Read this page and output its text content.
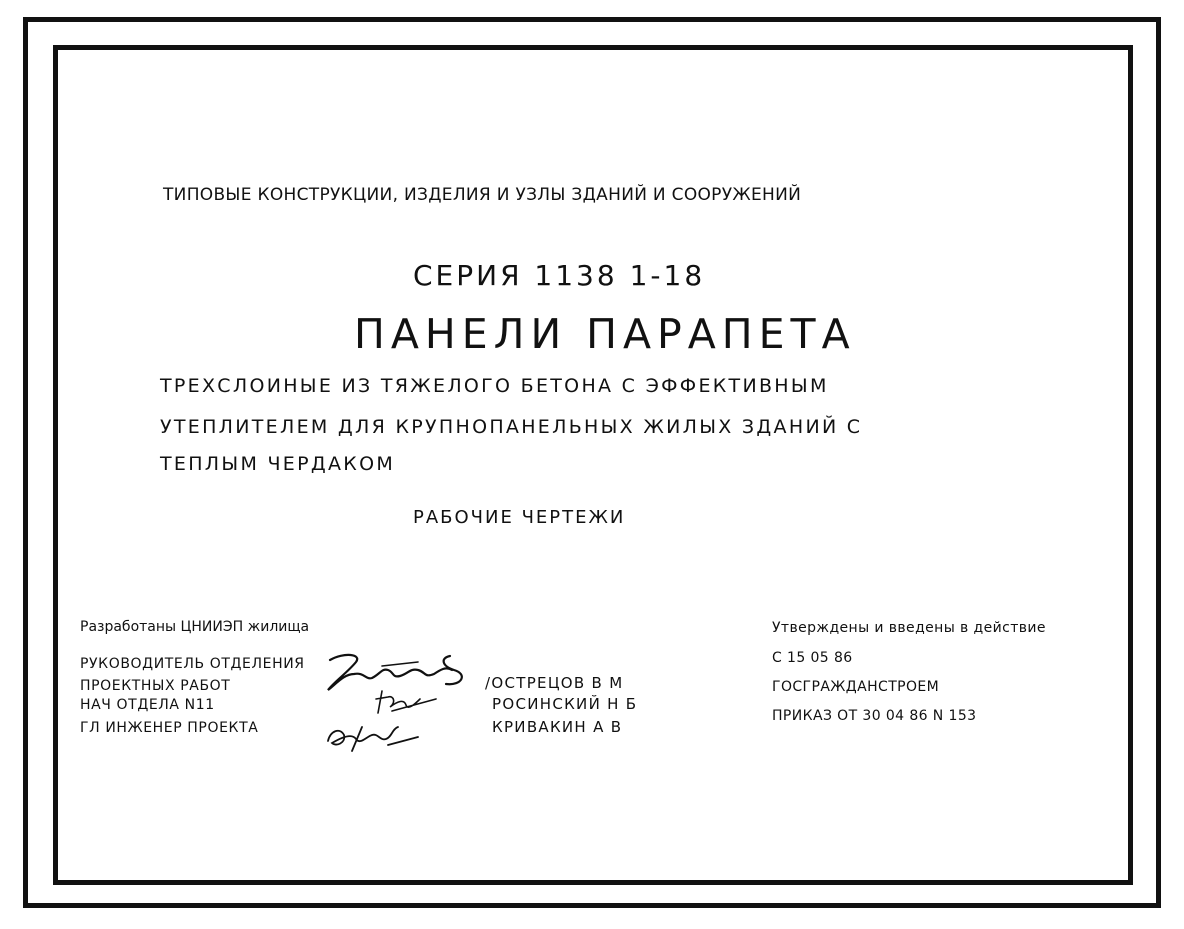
ТИПОВЫЕ КОНСТРУКЦИИ, ИЗДЕЛИЯ И УЗЛЫ ЗДАНИЙ И СООРУЖЕНИЙ
СЕРИЯ 1138 1-18
ПАНЕЛИ ПАРАПЕТА
ТРЕХСЛОИНЫЕ ИЗ ТЯЖЕЛОГО БЕТОНА С ЭФФЕКТИВНЫМ
УТЕПЛИТЕЛЕМ ДЛЯ КРУПНОПАНЕЛЬНЫХ ЖИЛЫХ ЗДАНИЙ С
ТЕПЛЫМ ЧЕРДАКОМ
РАБОЧИЕ ЧЕРТЕЖИ
Разработаны ЦНИИЭП жилища
РУКОВОДИТЕЛЬ ОТДЕЛЕНИЯ
ПРОЕКТНЫХ РАБОТ
НАЧ ОТДЕЛА N11
ГЛ ИНЖЕНЕР ПРОЕКТА
/ОСТРЕЦОВ В М
РОСИНСКИЙ Н Б
КРИВАКИН А В
Утверждены и введены в действие
С 15 05 86
ГОСГРАЖДАНСТРОЕМ
ПРИКАЗ ОТ 30 04 86 N 153
